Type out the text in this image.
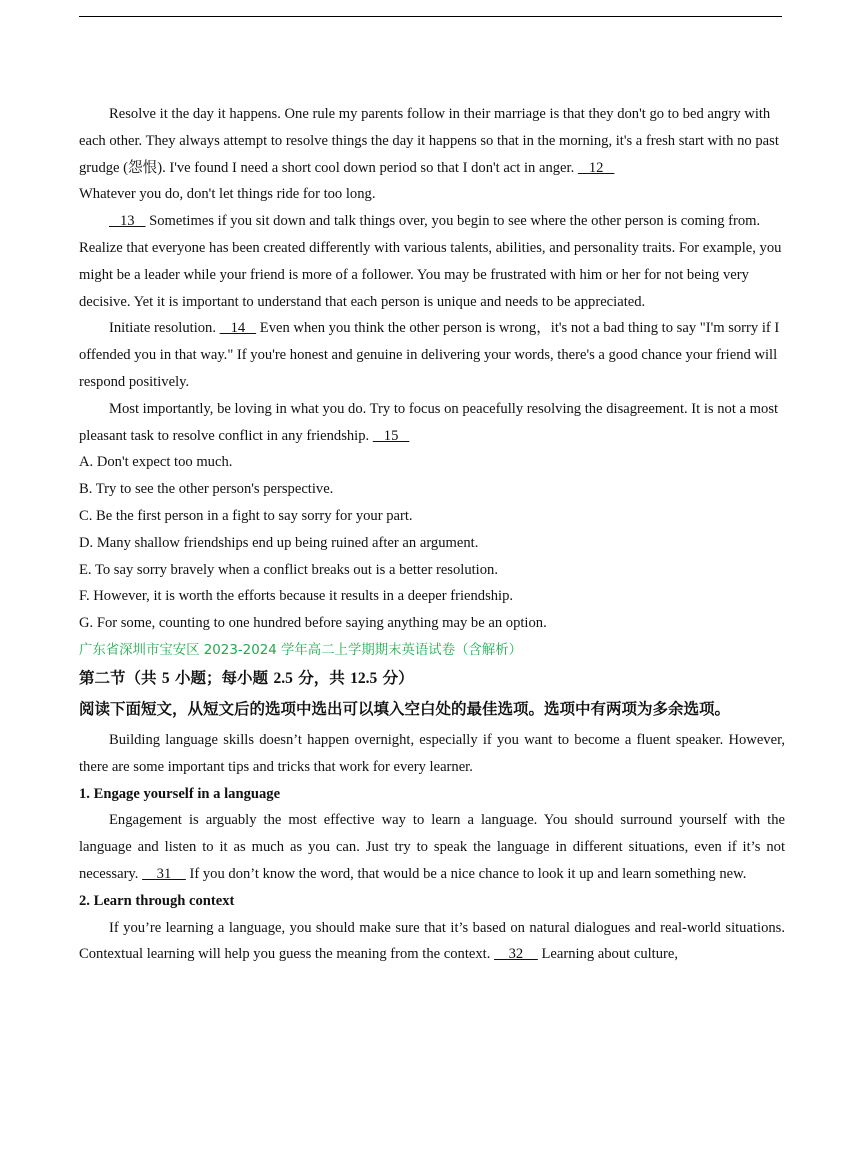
Resolve it the day it happens. One rule my parents follow in their marriage is that they don't go to bed angry with each other. They always attempt to resolve things the day it happens so that in the morning, it's a fresh start with no past grudge (怨恨). I've found I need a short cool down period so that I don't act in anger.    12
Whatever you do, don't let things ride for too long.

13    Sometimes if you sit down and talk things over, you begin to see where the other person is coming from. Realize that everyone has been created differently with various talents, abilities, and personality traits. For example, you might be a leader while your friend is more of a follower. You may be frustrated with him or her for not being very decisive. Yet it is important to understand that each person is unique and needs to be appreciated.

Initiate resolution.    14    Even when you think the other person is wrong，it's not a bad thing to say "I'm sorry if I offended you in that way." If you're honest and genuine in delivering your words, there's a good chance your friend will respond positively.

Most importantly, be loving in what you do. Try to focus on peacefully resolving the disagreement. It is not a most pleasant task to resolve conflict in any friendship.    15

A. Don't expect too much.

B. Try to see the other person's perspective.

C. Be the first person in a fight to say sorry for your part.

D. Many shallow friendships end up being ruined after an argument.

E. To say sorry bravely when a conflict breaks out is a better resolution.

F. However, it is worth the efforts because it results in a deeper friendship.

G. For some, counting to one hundred before saying anything may be an option.

广东省深圳市宝安区 2023-2024 学年高二上学期期末英语试卷（含解析）

第二节（共 5 小题；每小题 2.5 分，共 12.5 分）

阅读下面短文，从短文后的选项中选出可以填入空白处的最佳选项。选项中有两项为多余选项。

Building language skills doesn’t happen overnight, especially if you want to become a fluent speaker. However, there are some important tips and tricks that work for every learner.

1. Engage yourself in a language

Engagement is arguably the most effective way to learn a language. You should surround yourself with the language and listen to it as much as you can. Just try to speak the language in different situations, even if it’s not necessary.     31     If you don’t know the word, that would be a nice chance to look it up and learn something new.

2. Learn through context

If you’re learning a language, you should make sure that it’s based on natural dialogues and real-world situations. Contextual learning will help you guess the meaning from the context.     32     Learning about culture,
